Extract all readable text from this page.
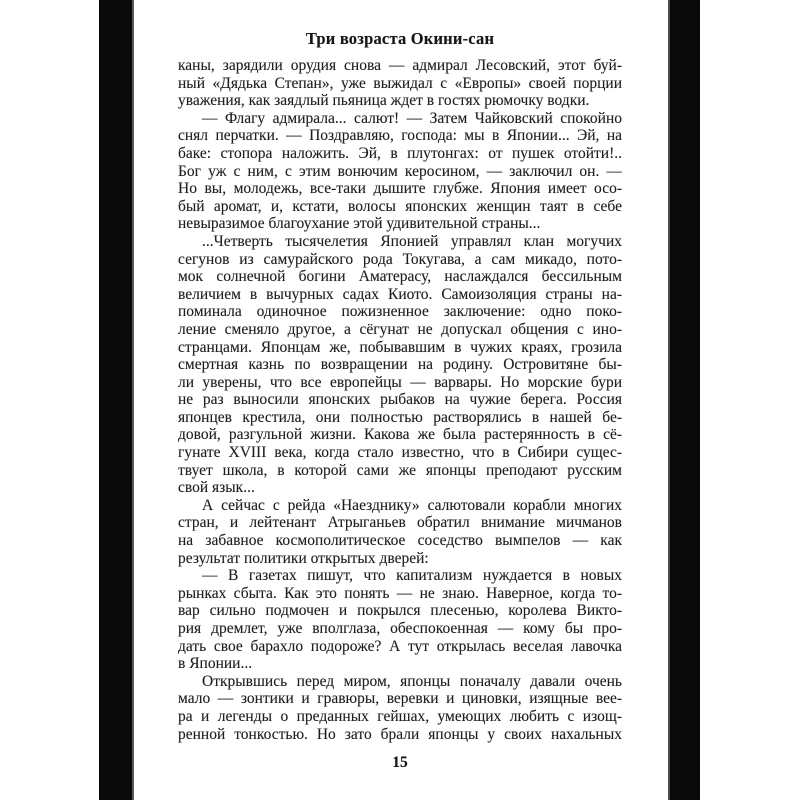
Три возраста Окини-сан
каны, зарядили орудия снова — адмирал Лесовский, этот буй-
ный «Дядька Степан», уже выжидал с «Европы» своей порции
уважения, как заядлый пьяница ждет в гостях рюмочку водки.
— Флагу адмирала... салют! — Затем Чайковский спокойно
снял перчатки. — Поздравляю, господа: мы в Японии... Эй, на
баке: стопора наложить. Эй, в плутонгах: от пушек отойти!..
Бог уж с ним, с этим вонючим керосином, — заключил он. —
Но вы, молодежь, все-таки дышите глубже. Япония имеет осо-
бый аромат, и, кстати, волосы японских женщин таят в себе
невыразимое благоухание этой удивительной страны...
...Четверть тысячелетия Японией управлял клан могучих
сегунов из самурайского рода Токугава, а сам микадо, пото-
мок солнечной богини Аматерасу, наслаждался бессильным
величием в вычурных садах Киото. Самоизоляция страны на-
поминала одиночное пожизненное заключение: одно поко-
ление сменяло другое, а сёгунат не допускал общения с ино-
странцами. Японцам же, побывавшим в чужих краях, грозила
смертная казнь по возвращении на родину. Островитяне бы-
ли уверены, что все европейцы — варвары. Но морские бури
не раз выносили японских рыбаков на чужие берега. Россия
японцев крестила, они полностью растворялись в нашей бе-
довой, разгульной жизни. Какова же была растерянность в сё-
гунате XVIII века, когда стало известно, что в Сибири сущес-
твует школа, в которой сами же японцы преподают русским
свой язык...
А сейчас с рейда «Наезднику» салютовали корабли многих
стран, и лейтенант Атрыганьев обратил внимание мичманов
на забавное космополитическое соседство вымпелов — как
результат политики открытых дверей:
— В газетах пишут, что капитализм нуждается в новых
рынках сбыта. Как это понять — не знаю. Наверное, когда то-
вар сильно подмочен и покрылся плесенью, королева Викто-
рия дремлет, уже вполглаза, обеспокоенная — кому бы про-
дать свое барахло подороже? А тут открылась веселая лавочка
в Японии...
Открывшись перед миром, японцы поначалу давали очень
мало — зонтики и гравюры, веревки и циновки, изящные вее-
ра и легенды о преданных гейшах, умеющих любить с изощ-
ренной тонкостью. Но зато брали японцы у своих нахальных
15
